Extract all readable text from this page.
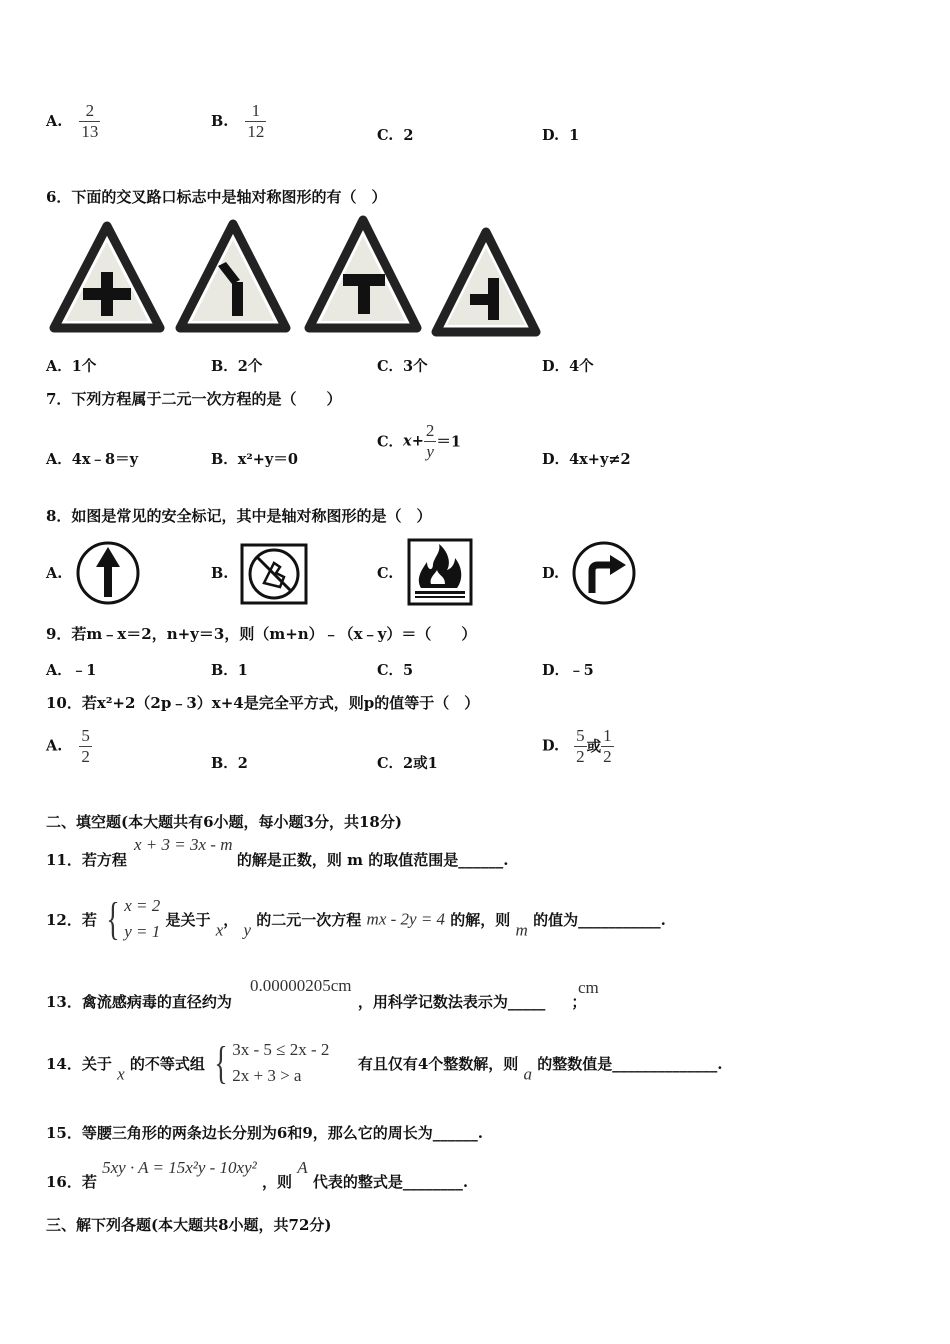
A. $\frac{2}{13}$	B. $\frac{1}{12}$	C. 2	D. 1
6．下面的交叉路口标志中是轴对称图形的有（　）
A．1个	B．2个	C．3个	D．4个
7．下列方程属于二元一次方程的是（　　）
A．4x﹣8＝y	B．x²+y＝0
C．$x+ \frac{2}{y} =1$
D．4x+y≠2
8．如图是常见的安全标记，其中是轴对称图形的是（　）
A.	B.	C.	D.
9．若m﹣x＝2，n+y＝3，则（m+n）﹣（x﹣y）＝（　　）
A．﹣1	B．1	C．5	D．﹣5
10．若x²+2（2p﹣3）x+4是完全平方式，则p的值等于（　）
A. $\frac{5}{2}$	B．2	C．2或1
D. $\frac{5}{2}$ 或 $\frac{1}{2}$
二、填空题(本大题共有6小题，每小题3分，共18分)
x + 3 = 3x - m
11．若方程	的解是正数，则 m 的取值范围是______.
12．若 { x = 2
y = 1
是关于 x， y 的二元一次方程 mx - 2y = 4 的解，则 m 的值为___________.
0.00000205cm	cm
13．禽流感病毒的直径约为	，用科学记数法表示为_____ ；
14．关于 x 的不等式组 { 3x - 5 ≤ 2x - 2
2x + 3 > a
有且仅有4个整数解，则 a 的整数值是______________.
15．等腰三角形的两条边长分别为6和9，那么它的周长为______.
16．若 5xy · A = 15x²y - 10xy² ，则 A 代表的整式是________.
三、解下列各题(本大题共8小题，共72分)
